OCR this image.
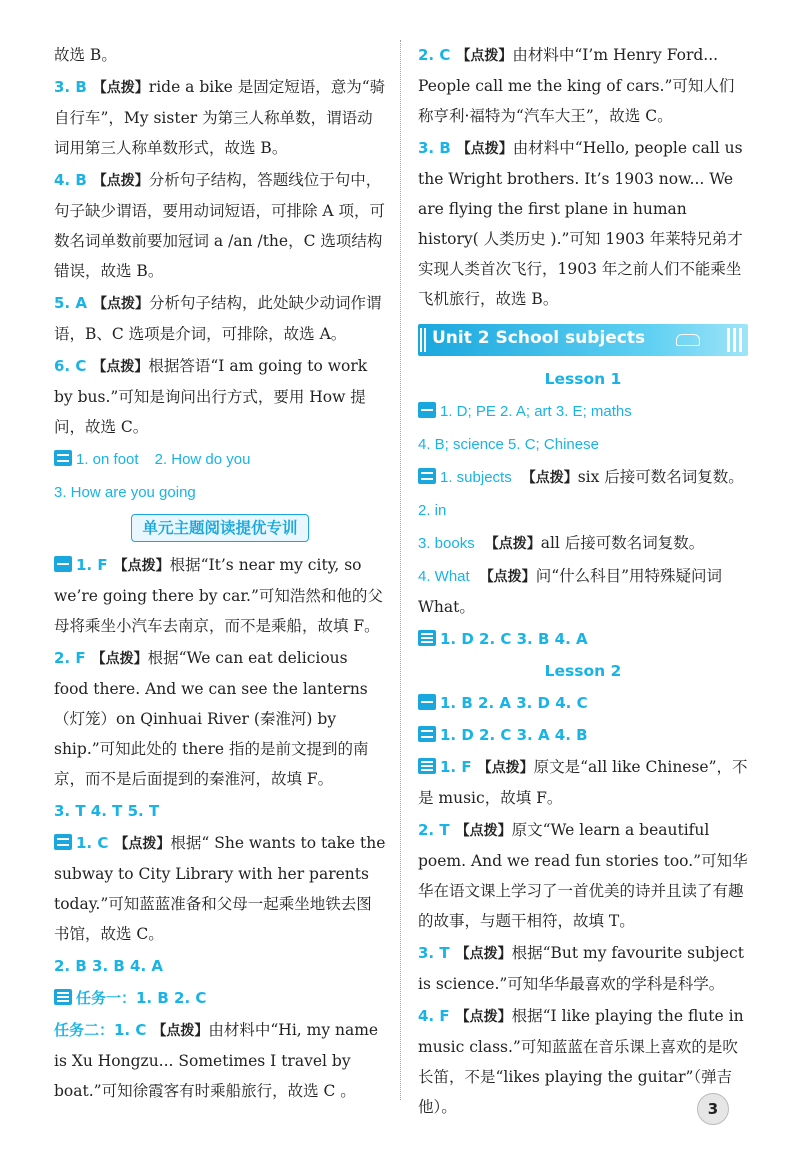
故选 B。

3. B 【点拨】ride a bike 是固定短语，意为“骑自行车”，My sister 为第三人称单数，谓语动词用第三人称单数形式，故选 B。

4. B 【点拨】分析句子结构，答题线位于句中，句子缺少谓语，要用动词短语，可排除 A 项，可数名词单数前要加冠词 a /an /the，C 选项结构错误，故选 B。

5. A 【点拨】分析句子结构，此处缺少动词作谓语，B、C 选项是介词，可排除，故选 A。

6. C 【点拨】根据答语“I am going to work by bus.”可知是询问出行方式，要用 How 提问，故选 C。

1. on foot 2. How do you

3. How are you going

单元主题阅读提优专训

1. F 【点拨】根据“It’s near my city, so we’re going there by car.”可知浩然和他的父母将乘坐小汽车去南京，而不是乘船，故填 F。

2. F 【点拨】根据“We can eat delicious food there. And we can see the lanterns（灯笼）on Qinhuai River (秦淮河) by ship.”可知此处的 there 指的是前文提到的南京，而不是后面提到的秦淮河，故填 F。

3. T 4. T 5. T

1. C 【点拨】根据“ She wants to take the subway to City Library with her parents today.”可知蓝蓝准备和父母一起乘坐地铁去图书馆，故选 C。

2. B 3. B 4. A

任务一：1. B 2. C

任务二：1. C 【点拨】由材料中“Hi, my name is Xu Hongzu... Sometimes I travel by boat.”可知徐霞客有时乘船旅行，故选 C 。

2. C 【点拨】由材料中“I’m Henry Ford... People call me the king of cars.”可知人们称亨利·福特为“汽车大王”，故选 C。

3. B 【点拨】由材料中“Hello, people call us the Wright brothers. It’s 1903 now... We are flying the first plane in human history( 人类历史 ).”可知 1903 年莱特兄弟才实现人类首次飞行，1903 年之前人们不能乘坐飞机旅行，故选 B。

Unit 2 School subjects
Lesson 1

1. D; PE 2. A; art 3. E; maths

4. B; science 5. C; Chinese

1. subjects 【点拨】six 后接可数名词复数。

2. in

3. books 【点拨】all 后接可数名词复数。

4. What 【点拨】问“什么科目”用特殊疑问词 What。

1. D 2. C 3. B 4. A

Lesson 2

1. B 2. A 3. D 4. C

1. D 2. C 3. A 4. B

1. F 【点拨】原文是“all like Chinese”，不是 music，故填 F。

2. T 【点拨】原文“We learn a beautiful poem. And we read fun stories too.”可知华华在语文课上学习了一首优美的诗并且读了有趣的故事，与题干相符，故填 T。

3. T 【点拨】根据“But my favourite subject is science.”可知华华最喜欢的学科是科学。

4. F 【点拨】根据“I like playing the flute in music class.”可知蓝蓝在音乐课上喜欢的是吹长笛，不是“likes playing the guitar”（弹吉他）。	3
